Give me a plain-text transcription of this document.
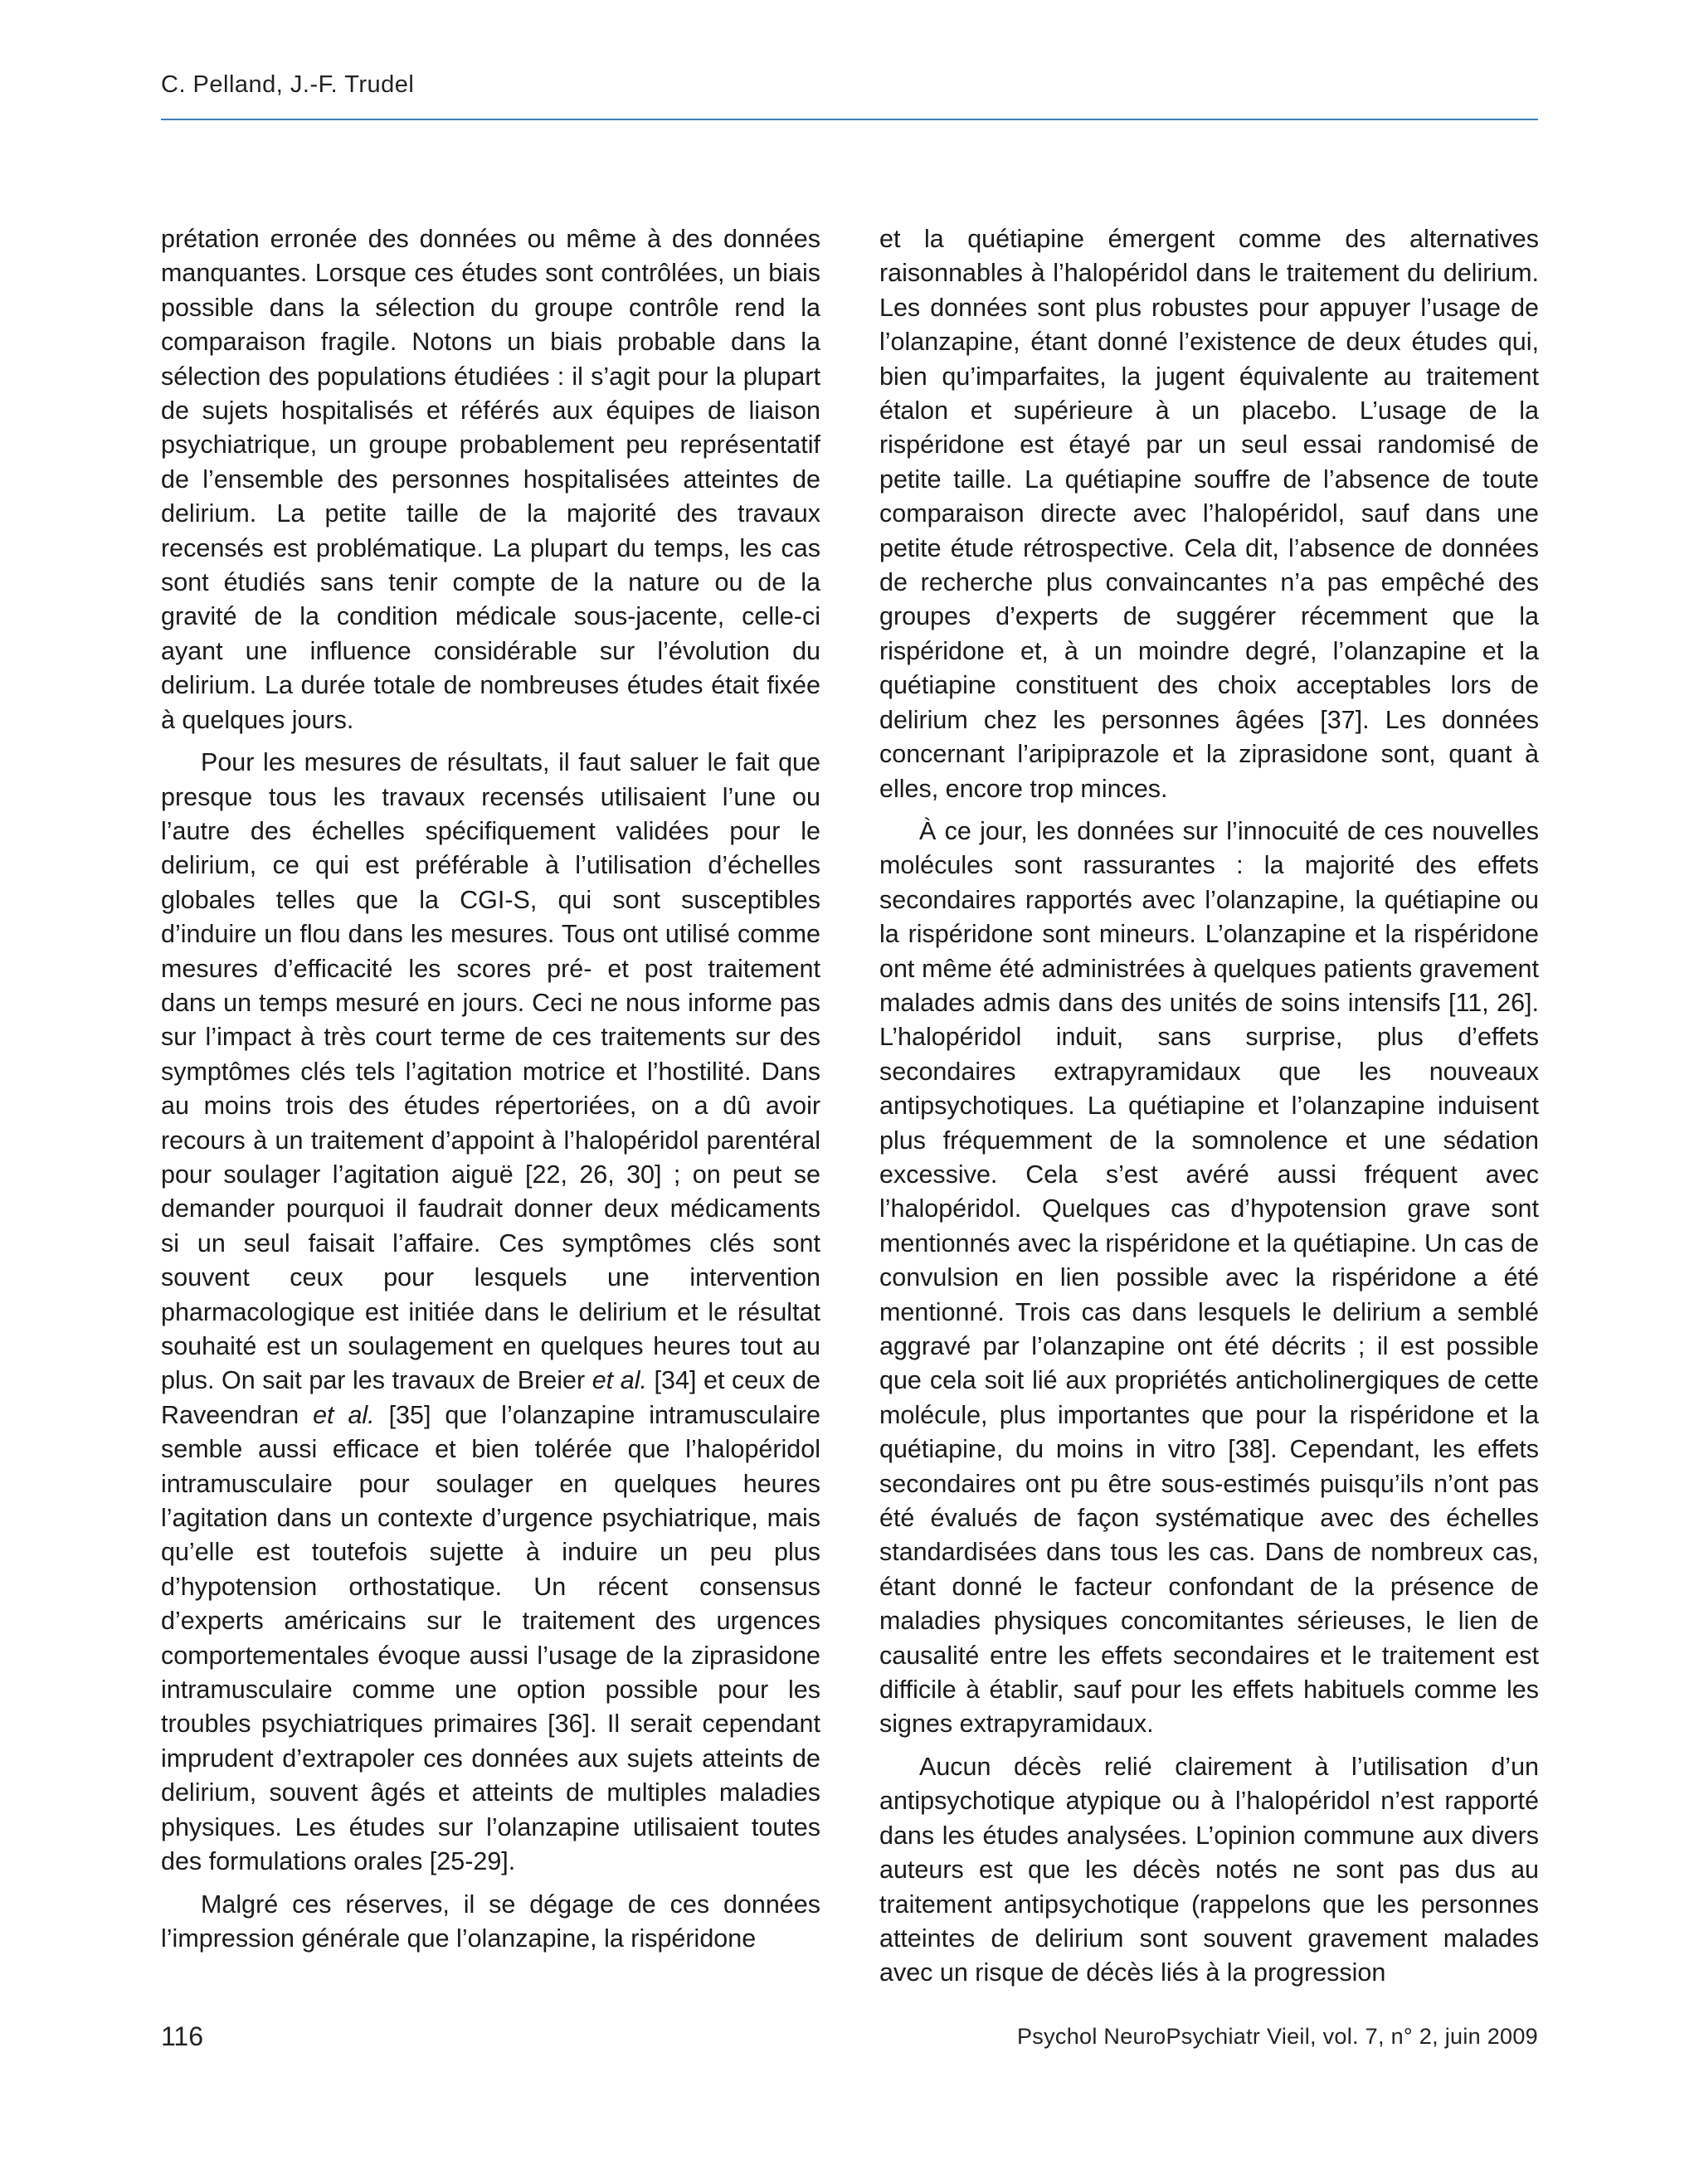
C. Pelland, J.-F. Trudel

prétation erronée des données ou même à des données manquantes. Lorsque ces études sont contrôlées, un biais possible dans la sélection du groupe contrôle rend la comparaison fragile. Notons un biais probable dans la sélection des populations étudiées : il s’agit pour la plupart de sujets hospitalisés et référés aux équipes de liaison psychiatrique, un groupe probablement peu représentatif de l’ensemble des personnes hospitalisées atteintes de delirium. La petite taille de la majorité des travaux recensés est problématique. La plupart du temps, les cas sont étudiés sans tenir compte de la nature ou de la gravité de la condition médicale sous-jacente, celle-ci ayant une influence considérable sur l’évolution du delirium. La durée totale de nombreuses études était fixée à quelques jours.

Pour les mesures de résultats, il faut saluer le fait que presque tous les travaux recensés utilisaient l’une ou l’autre des échelles spécifiquement validées pour le delirium, ce qui est préférable à l’utilisation d’échelles globales telles que la CGI-S, qui sont susceptibles d’induire un flou dans les mesures. Tous ont utilisé comme mesures d’efficacité les scores pré- et post traitement dans un temps mesuré en jours. Ceci ne nous informe pas sur l’impact à très court terme de ces traitements sur des symptômes clés tels l’agitation motrice et l’hostilité. Dans au moins trois des études répertoriées, on a dû avoir recours à un traitement d’appoint à l’halopéridol parentéral pour soulager l’agitation aiguë [22, 26, 30] ; on peut se demander pourquoi il faudrait donner deux médicaments si un seul faisait l’affaire. Ces symptômes clés sont souvent ceux pour lesquels une intervention pharmacologique est initiée dans le delirium et le résultat souhaité est un soulagement en quelques heures tout au plus. On sait par les travaux de Breier et al. [34] et ceux de Raveendran et al. [35] que l’olanzapine intramusculaire semble aussi efficace et bien tolérée que l’halopéridol intramusculaire pour soulager en quelques heures l’agitation dans un contexte d’urgence psychiatrique, mais qu’elle est toutefois sujette à induire un peu plus d’hypotension orthostatique. Un récent consensus d’experts américains sur le traitement des urgences comportementales évoque aussi l’usage de la ziprasidone intramusculaire comme une option possible pour les troubles psychiatriques primaires [36]. Il serait cependant imprudent d’extrapoler ces données aux sujets atteints de delirium, souvent âgés et atteints de multiples maladies physiques. Les études sur l’olanzapine utilisaient toutes des formulations orales [25-29].

Malgré ces réserves, il se dégage de ces données l’impression générale que l’olanzapine, la rispéridone

et la quétiapine émergent comme des alternatives raisonnables à l’halopéridol dans le traitement du delirium. Les données sont plus robustes pour appuyer l’usage de l’olanzapine, étant donné l’existence de deux études qui, bien qu’imparfaites, la jugent équivalente au traitement étalon et supérieure à un placebo. L’usage de la rispéridone est étayé par un seul essai randomisé de petite taille. La quétiapine souffre de l’absence de toute comparaison directe avec l’halopéridol, sauf dans une petite étude rétrospective. Cela dit, l’absence de données de recherche plus convaincantes n’a pas empêché des groupes d’experts de suggérer récemment que la rispéridone et, à un moindre degré, l’olanzapine et la quétiapine constituent des choix acceptables lors de delirium chez les personnes âgées [37]. Les données concernant l’aripiprazole et la ziprasidone sont, quant à elles, encore trop minces.

À ce jour, les données sur l’innocuité de ces nouvelles molécules sont rassurantes : la majorité des effets secondaires rapportés avec l’olanzapine, la quétiapine ou la rispéridone sont mineurs. L’olanzapine et la rispéridone ont même été administrées à quelques patients gravement malades admis dans des unités de soins intensifs [11, 26]. L’halopéridol induit, sans surprise, plus d’effets secondaires extrapyramidaux que les nouveaux antipsychotiques. La quétiapine et l’olanzapine induisent plus fréquemment de la somnolence et une sédation excessive. Cela s’est avéré aussi fréquent avec l’halopéridol. Quelques cas d’hypotension grave sont mentionnés avec la rispéridone et la quétiapine. Un cas de convulsion en lien possible avec la rispéridone a été mentionné. Trois cas dans lesquels le delirium a semblé aggravé par l’olanzapine ont été décrits ; il est possible que cela soit lié aux propriétés anticholinergiques de cette molécule, plus importantes que pour la rispéridone et la quétiapine, du moins in vitro [38]. Cependant, les effets secondaires ont pu être sous-estimés puisqu’ils n’ont pas été évalués de façon systématique avec des échelles standardisées dans tous les cas. Dans de nombreux cas, étant donné le facteur confondant de la présence de maladies physiques concomitantes sérieuses, le lien de causalité entre les effets secondaires et le traitement est difficile à établir, sauf pour les effets habituels comme les signes extrapyramidaux.

Aucun décès relié clairement à l’utilisation d’un antipsychotique atypique ou à l’halopéridol n’est rapporté dans les études analysées. L’opinion commune aux divers auteurs est que les décès notés ne sont pas dus au traitement antipsychotique (rappelons que les personnes atteintes de delirium sont souvent gravement malades avec un risque de décès liés à la progression

116	Psychol NeuroPsychiatr Vieil, vol. 7, n° 2, juin 2009
